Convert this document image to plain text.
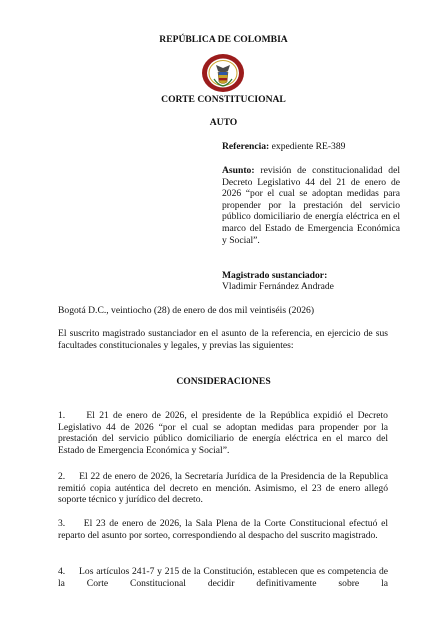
REPÚBLICA DE COLOMBIA
CORTE CONSTITUCIONAL
AUTO
Referencia: expediente RE-389
Asunto: revisión de constitucionalidad del Decreto Legislativo 44 del 21 de enero de 2026 “por el cual se adoptan medidas para propender por la prestación del servicio público domiciliario de energía eléctrica en el marco del Estado de Emergencia Económica y Social”.
Magistrado sustanciador:
Vladimir Fernández Andrade
Bogotá D.C., veintiocho (28) de enero de dos mil veintiséis (2026)
El suscrito magistrado sustanciador en el asunto de la referencia, en ejercicio de sus facultades constitucionales y legales, y previas las siguientes:
CONSIDERACIONES
1. El 21 de enero de 2026, el presidente de la República expidió el Decreto Legislativo 44 de 2026 “por el cual se adoptan medidas para propender por la prestación del servicio público domiciliario de energía eléctrica en el marco del Estado de Emergencia Económica y Social”.
2. El 22 de enero de 2026, la Secretaría Jurídica de la Presidencia de la Republica remitió copia auténtica del decreto en mención. Asimismo, el 23 de enero allegó soporte técnico y jurídico del decreto.
3. El 23 de enero de 2026, la Sala Plena de la Corte Constitucional efectuó el reparto del asunto por sorteo, correspondiendo al despacho del suscrito magistrado.
4. Los artículos 241-7 y 215 de la Constitución, establecen que es competencia de la Corte Constitucional decidir definitivamente sobre la
